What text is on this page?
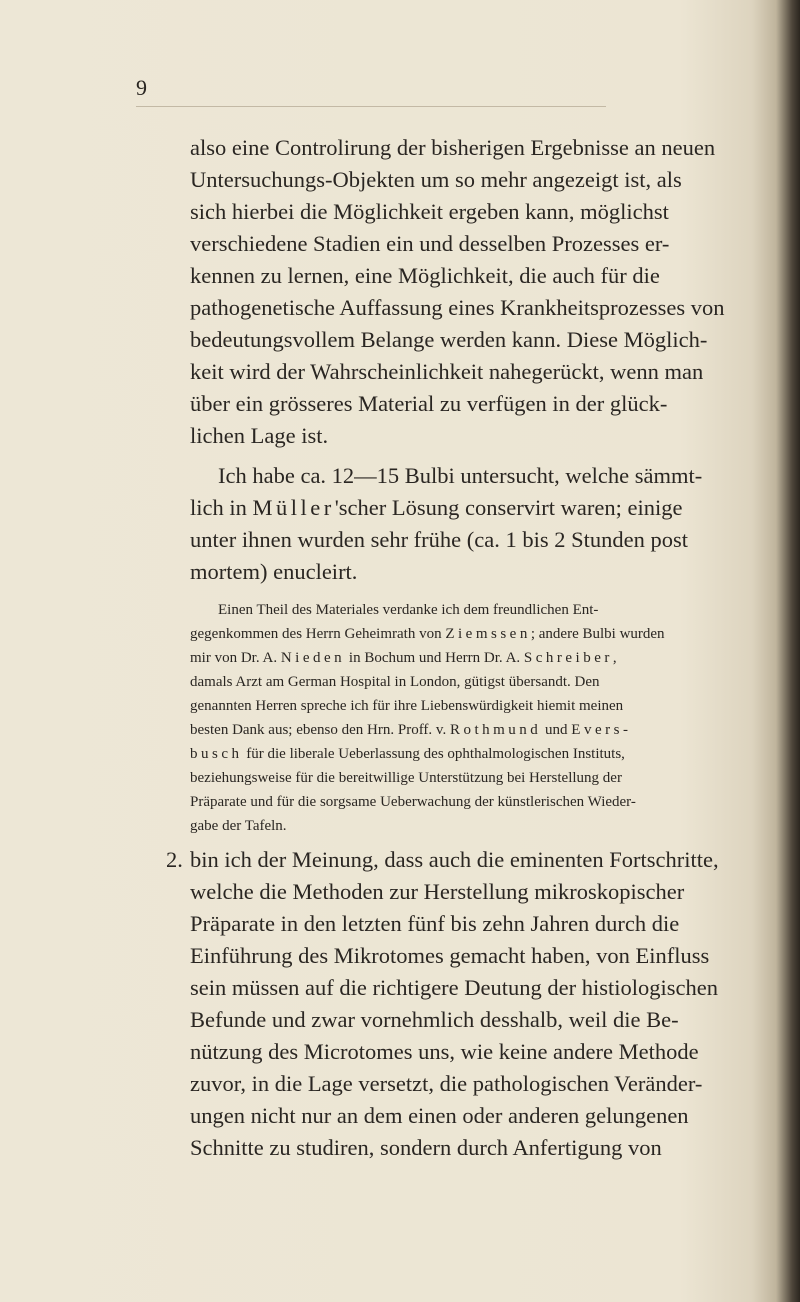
9
also eine Controlirung der bisherigen Ergebnisse an neuen
Untersuchungs-Objekten um so mehr angezeigt ist, als
sich hierbei die Möglichkeit ergeben kann, möglichst
verschiedene Stadien ein und desselben Prozesses er-
kennen zu lernen, eine Möglichkeit, die auch für die
pathogenetische Auffassung eines Krankheitsprozesses von
bedeutungsvollem Belange werden kann. Diese Möglich-
keit wird der Wahrscheinlichkeit nahegerückt, wenn man
über ein grösseres Material zu verfügen in der glück-
lichen Lage ist.
Ich habe ca. 12—15 Bulbi untersucht, welche sämmt-
lich in Müller'scher Lösung conservirt waren; einige
unter ihnen wurden sehr frühe (ca. 1 bis 2 Stunden post
mortem) enucleirt.
Einen Theil des Materiales verdanke ich dem freundlichen Ent-
gegenkommen des Herrn Geheimrath von Ziemssen; andere Bulbi wurden
mir von Dr. A. Nieden in Bochum und Herrn Dr. A. Schreiber,
damals Arzt am German Hospital in London, gütigst übersandt. Den
genannten Herren spreche ich für ihre Liebenswürdigkeit hiemit meinen
besten Dank aus; ebenso den Hrn. Proff. v. Rothmund und Evers-
busch für die liberale Ueberlassung des ophthalmologischen Instituts,
beziehungsweise für die bereitwillige Unterstützung bei Herstellung der
Präparate und für die sorgsame Ueberwachung der künstlerischen Wieder-
gabe der Tafeln.
2. bin ich der Meinung, dass auch die eminenten Fortschritte,
welche die Methoden zur Herstellung mikroskopischer
Präparate in den letzten fünf bis zehn Jahren durch die
Einführung des Mikrotomes gemacht haben, von Einfluss
sein müssen auf die richtigere Deutung der histiologischen
Befunde und zwar vornehmlich desshalb, weil die Be-
nützung des Microtomes uns, wie keine andere Methode
zuvor, in die Lage versetzt, die pathologischen Veränder-
ungen nicht nur an dem einen oder anderen gelungenen
Schnitte zu studiren, sondern durch Anfertigung von
